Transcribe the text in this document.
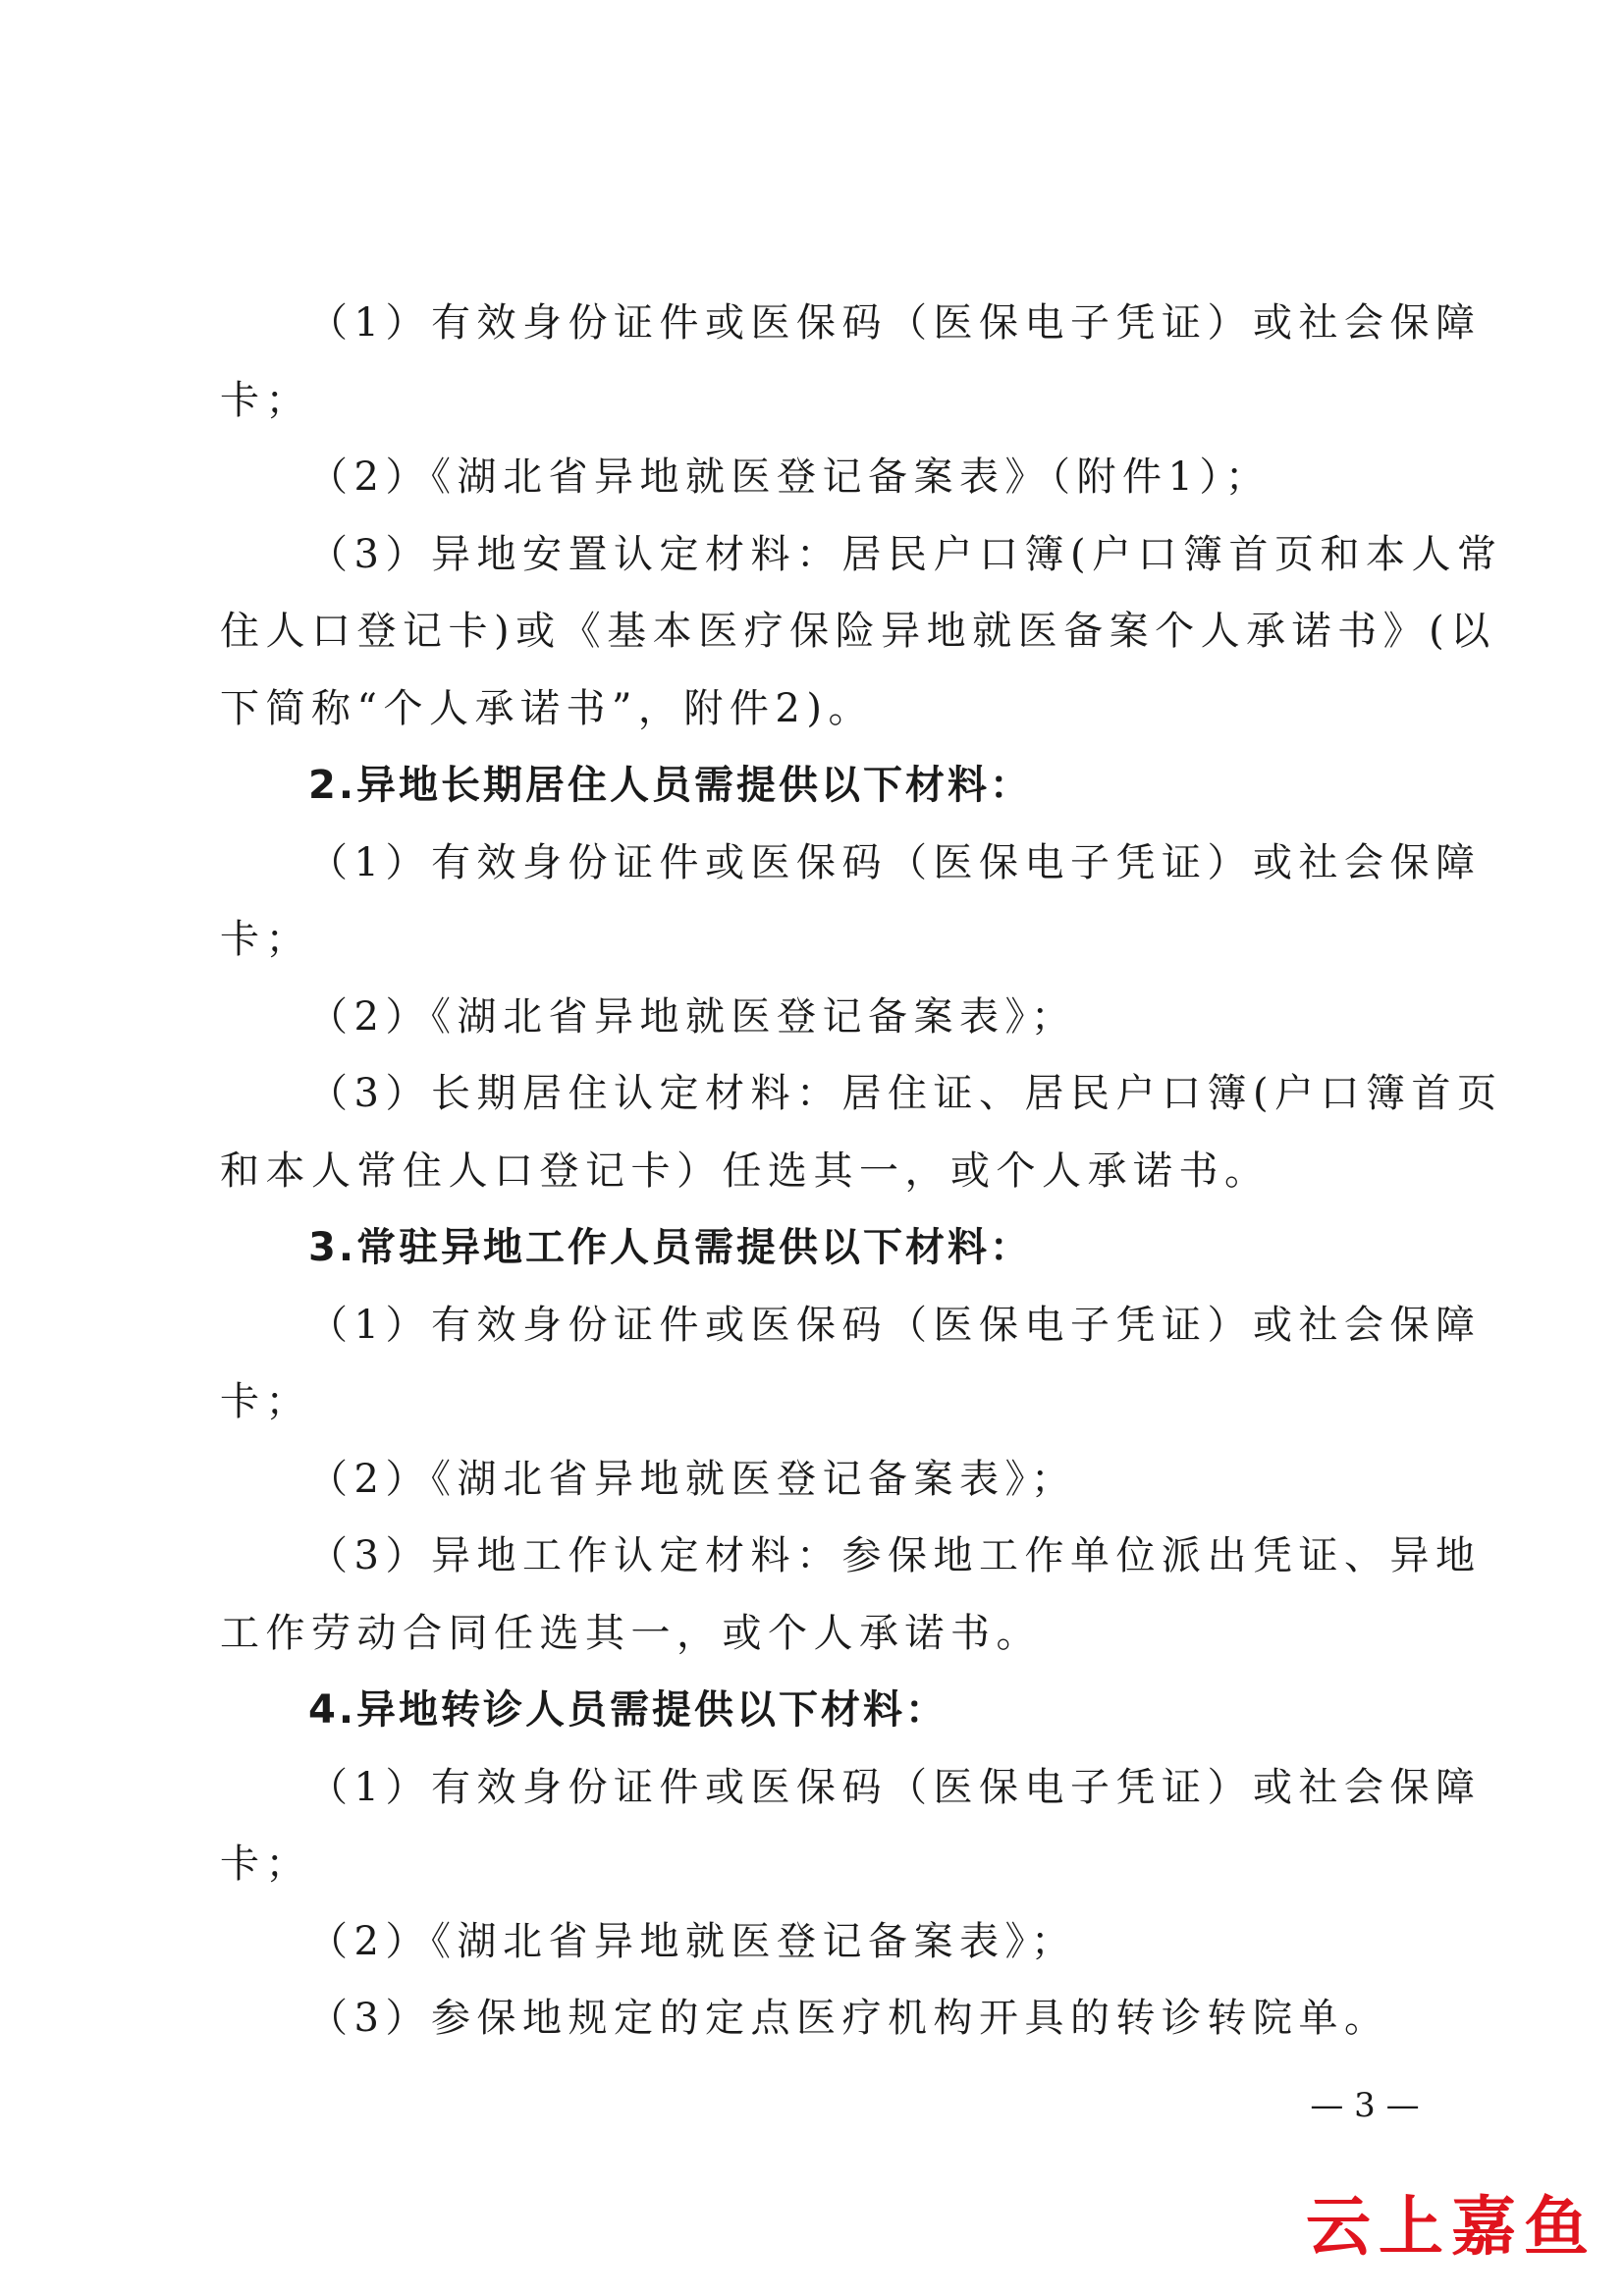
（1）有效身份证件或医保码（医保电子凭证）或社会保障
卡；
（2）《湖北省异地就医登记备案表》（附件1）；
（3）异地安置认定材料：居民户口簿(户口簿首页和本人常
住人口登记卡)或《基本医疗保险异地就医备案个人承诺书》(以
下简称“个人承诺书”，附件2)。
2.异地长期居住人员需提供以下材料：
（1）有效身份证件或医保码（医保电子凭证）或社会保障
卡；
（2）《湖北省异地就医登记备案表》；
（3）长期居住认定材料：居住证、居民户口簿(户口簿首页
和本人常住人口登记卡）任选其一，或个人承诺书。
3.常驻异地工作人员需提供以下材料：
（1）有效身份证件或医保码（医保电子凭证）或社会保障
卡；
（2）《湖北省异地就医登记备案表》；
（3）异地工作认定材料：参保地工作单位派出凭证、异地
工作劳动合同任选其一，或个人承诺书。
4.异地转诊人员需提供以下材料：
（1）有效身份证件或医保码（医保电子凭证）或社会保障
卡；
（2）《湖北省异地就医登记备案表》；
（3）参保地规定的定点医疗机构开具的转诊转院单。
— 3 —
云上嘉鱼
